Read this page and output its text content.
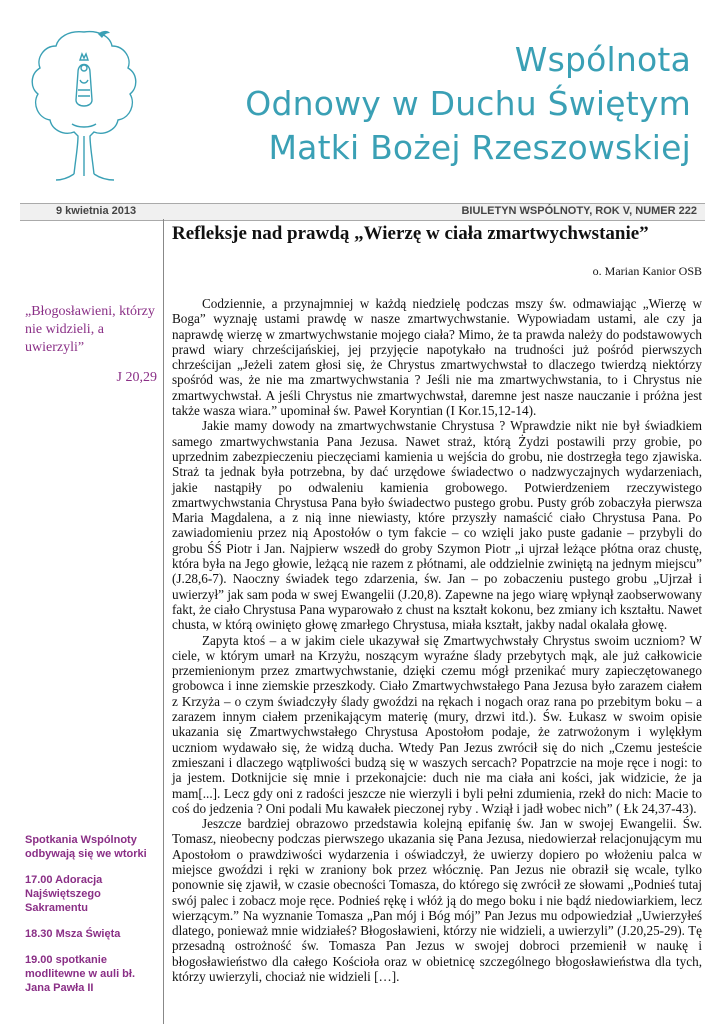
Wspólnota
Odnowy w Duchu Świętym
Matki Bożej Rzeszowskiej
9 kwietnia 2013	BIULETYN WSPÓLNOTY, ROK V, NUMER 222
„Błogosławieni, którzy nie widzieli, a uwierzyli”
J 20,29

Spotkania Wspólnoty odbywają się we wtorki

17.00 Adoracja Najświętszego Sakramentu

18.30 Msza Święta

19.00 spotkanie modlitewne w auli bł. Jana Pawła II

Refleksje nad prawdą „Wierzę w ciała zmartwychwstanie”
o. Marian Kanior OSB

Codziennie, a przynajmniej w każdą niedzielę podczas mszy św. odmawiając „Wierzę w Boga” wyznaję ustami prawdę w nasze zmartwychwstanie. Wypowiadam ustami, ale czy ja naprawdę wierzę w zmartwychwstanie mojego ciała? Mimo, że ta prawda należy do podstawowych prawd wiary chrześcijańskiej, jej przyjęcie napotykało na trudności już pośród pierwszych chrześcijan „Jeżeli zatem głosi się, że Chrystus zmartwychwstał to dlaczego twierdzą niektórzy spośród was, że nie ma zmartwychwstania ? Jeśli nie ma zmartwychwstania, to i Chrystus nie zmartwychwstał. A jeśli Chrystus nie zmartwychwstał, daremne jest nasze nauczanie i próżna jest także wasza wiara.” upominał św. Paweł Koryntian (I Kor.15,12-14).

Jakie mamy dowody na zmartwychwstanie Chrystusa ? Wprawdzie nikt nie był świadkiem samego zmartwychwstania Pana Jezusa. Nawet straż, którą Żydzi postawili przy grobie, po uprzednim zabezpieczeniu pieczęciami kamienia u wejścia do grobu, nie dostrzegła tego zjawiska. Straż ta jednak była potrzebna, by dać urzędowe świadectwo o nadzwyczajnych wydarzeniach, jakie nastąpiły po odwaleniu kamienia grobowego. Potwierdzeniem rzeczywistego zmartwychwstania Chrystusa Pana było świadectwo pustego grobu. Pusty grób zobaczyła pierwsza Maria Magdalena, a z nią inne niewiasty, które przyszły namaścić ciało Chrystusa Pana. Po zawiadomieniu przez nią Apostołów o tym fakcie – co wzięli jako puste gadanie – przybyli do grobu ŚŚ Piotr i Jan. Najpierw wszedł do groby Szymon Piotr „i ujrzał leżące płótna oraz chustę, która była na Jego głowie, leżącą nie razem z płótnami, ale oddzielnie zwiniętą na jednym miejscu” (J.28,6-7). Naoczny świadek tego zdarzenia, św. Jan – po zobaczeniu pustego grobu „Ujrzał i uwierzył” jak sam poda w swej Ewangelii (J.20,8). Zapewne na jego wiarę wpłynął zaobserwowany fakt, że ciało Chrystusa Pana wyparowało z chust na kształt kokonu, bez zmiany ich kształtu. Nawet chusta, w którą owinięto głowę zmarłego Chrystusa, miała kształt, jakby nadal okalała głowę.

Zapyta ktoś – a w jakim ciele ukazywał się Zmartwychwstały Chrystus swoim uczniom? W ciele, w którym umarł na Krzyżu, noszącym wyraźne ślady przebytych mąk, ale już całkowicie przemienionym przez zmartwychwstanie, dzięki czemu mógł przenikać mury zapieczętowanego grobowca i inne ziemskie przeszkody. Ciało Zmartwychwstałego Pana Jezusa było zarazem ciałem z Krzyża – o czym świadczyły ślady gwoździ na rękach i nogach oraz rana po przebitym boku – a zarazem innym ciałem przenikającym materię (mury, drzwi itd.). Św. Łukasz w swoim opisie ukazania się Zmartwychwstałego Chrystusa Apostołom podaje, że zatrwożonym i wylękłym uczniom wydawało się, że widzą ducha. Wtedy Pan Jezus zwrócił się do nich „Czemu jesteście zmieszani i dlaczego wątpliwości budzą się w waszych sercach? Popatrzcie na moje ręce i nogi: to ja jestem. Dotknijcie się mnie i przekonajcie: duch nie ma ciała ani kości, jak widzicie, że ja mam[...]. Lecz gdy oni z radości jeszcze nie wierzyli i byli pełni zdumienia, rzekł do nich: Macie to coś do jedzenia ? Oni podali Mu kawałek pieczonej ryby . Wziął i jadł wobec nich” ( Łk 24,37-43).

Jeszcze bardziej obrazowo przedstawia kolejną epifanię św. Jan w swojej Ewangelii. Św. Tomasz, nieobecny podczas pierwszego ukazania się Pana Jezusa, niedowierzał relacjonującym mu Apostołom o prawdziwości wydarzenia i oświadczył, że uwierzy dopiero po włożeniu palca w miejsce gwoździ i ręki w zraniony bok przez włócznię. Pan Jezus nie obraził się wcale, tylko ponownie się zjawił, w czasie obecności Tomasza, do którego się zwrócił ze słowami „Podnieś tutaj swój palec i zobacz moje ręce. Podnieś rękę i włóż ją do mego boku i nie bądź niedowiarkiem, lecz wierzącym.” Na wyznanie Tomasza „Pan mój i Bóg mój” Pan Jezus mu odpowiedział „Uwierzyłeś dlatego, ponieważ mnie widziałeś? Błogosławieni, którzy nie widzieli, a uwierzyli” (J.20,25-29). Tę przesadną ostrożność św. Tomasza Pan Jezus w swojej dobroci przemienił w naukę i błogosławieństwo dla całego Kościoła oraz w obietnicę szczególnego błogosławieństwa dla tych, którzy uwierzyli, chociaż nie widzieli […].
